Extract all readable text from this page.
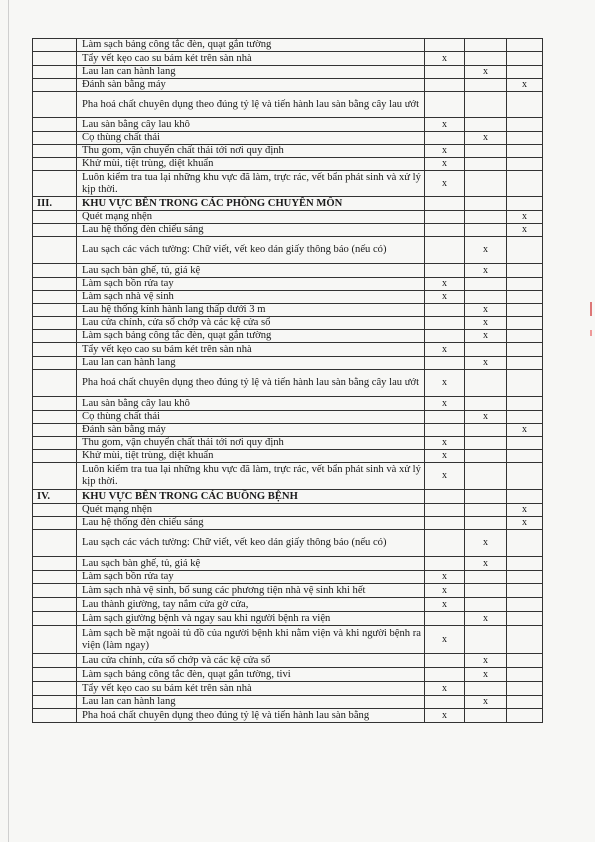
	Làm sạch bảng công tắc đèn, quạt gắn tường			
	Tẩy vết kẹo cao su bám két trên sàn nhà	x		
	Lau lan can hành lang		x	
	Đánh sàn bằng máy			x
	Pha hoá chất chuyên dụng theo đúng tỷ lệ và tiến hành lau sàn bằng cây lau ướt			
	Lau sàn bằng cây lau khô	x		
	Cọ thùng chất thải		x	
	Thu gom, vận chuyển chất thải tới nơi quy định	x		
	Khử mùi, tiệt trùng, diệt khuẩn	x		
	Luôn kiểm tra tua lại những khu vực đã làm, trực rác, vết bẩn phát sinh và xử lý kịp thời.	x		
III.	KHU VỰC BÊN TRONG CÁC PHÒNG CHUYÊN MÔN			
	Quét mạng nhện			x
	Lau hệ thống đèn chiếu sáng			x
	Lau sạch các vách tường: Chữ viết, vết keo dán giấy thông báo (nếu có)		x	
	Lau sạch bàn ghế, tủ, giá kệ		x	
	Làm sạch bồn rửa tay	x		
	Làm sạch nhà vệ sinh	x		
	Lau hệ thống kính hành lang thấp dưới 3 m		x	
	Lau cửa chính, cửa sổ chớp và các kệ cửa sổ		x	
	Làm sạch bảng công tắc đèn, quạt gắn tường		x	
	Tẩy vết kẹo cao su bám két trên sàn nhà	x		
	Lau lan can hành lang		x	
	Pha hoá chất chuyên dụng theo đúng tỷ lệ và tiến hành lau sàn bằng cây lau ướt	x		
	Lau sàn bằng cây lau khô	x		
	Cọ thùng chất thải		x	
	Đánh sàn bằng máy			x
	Thu gom, vận chuyển chất thải tới nơi quy định	x		
	Khử mùi, tiệt trùng, diệt khuẩn	x		
	Luôn kiểm tra tua lại những khu vực đã làm, trực rác, vết bẩn phát sinh và xử lý kịp thời.	x		
IV.	KHU VỰC BÊN TRONG CÁC BUỒNG BỆNH			
	Quét mạng nhện			x
	Lau hệ thống đèn chiếu sáng			x
	Lau sạch các vách tường: Chữ viết, vết keo dán giấy thông báo (nếu có)		x	
	Lau sạch bàn ghế, tủ, giá kệ		x	
	Làm sạch bồn rửa tay	x		
	Làm sạch nhà vệ sinh, bổ sung các phương tiện nhà vệ sinh khi hết	x		
	Lau thành giường, tay nắm cửa gờ cửa,	x		
	Làm sạch giường bệnh và ngay sau khi người bệnh ra viện		x	
	Làm sạch bề mặt ngoài tủ đồ của người bệnh khi nằm viện và khi người bệnh ra viện (làm ngay)	x		
	Lau cửa chính, cửa sổ chớp và các kệ cửa sổ		x	
	Làm sạch bảng công tắc đèn, quạt gắn tường, tivi		x	
	Tẩy vết kẹo cao su bám két trên sàn nhà	x		
	Lau lan can hành lang		x	
	Pha hoá chất chuyên dụng theo đúng tỷ lệ và tiến hành lau sàn bằng	x		
